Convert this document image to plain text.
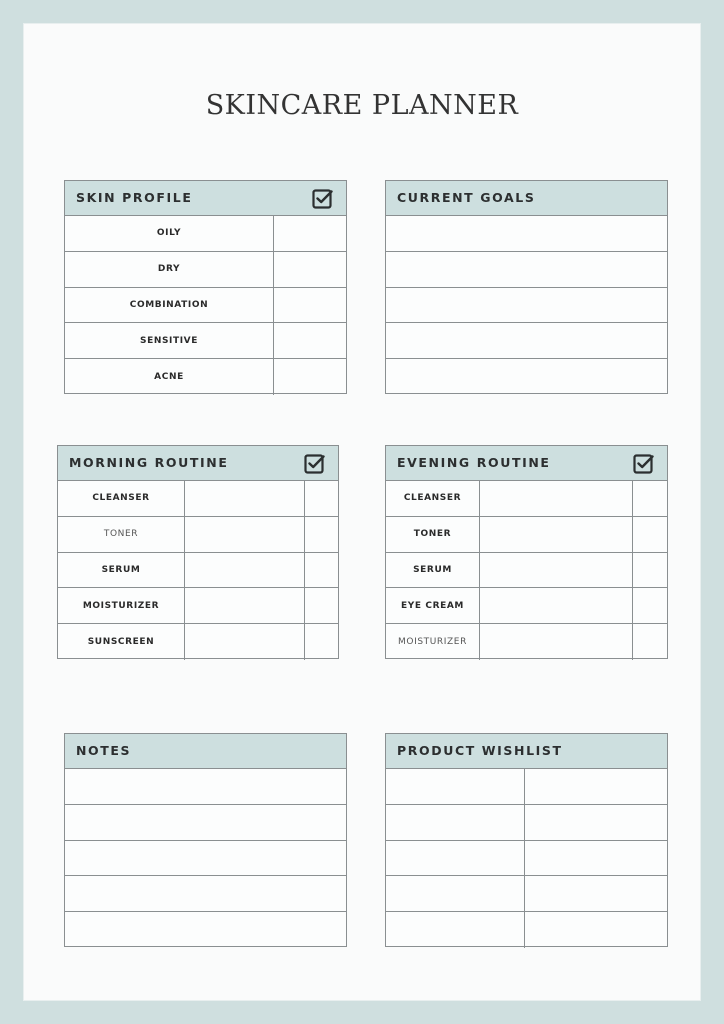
SKINCARE PLANNER
SKIN PROFILE
OILY
DRY
COMBINATION
SENSITIVE
ACNE
CURRENT GOALS
MORNING ROUTINE
CLEANSER
TONER
SERUM
MOISTURIZER
SUNSCREEN
EVENING ROUTINE
CLEANSER
TONER
SERUM
EYE CREAM
MOISTURIZER
NOTES	PRODUCT WISHLIST
